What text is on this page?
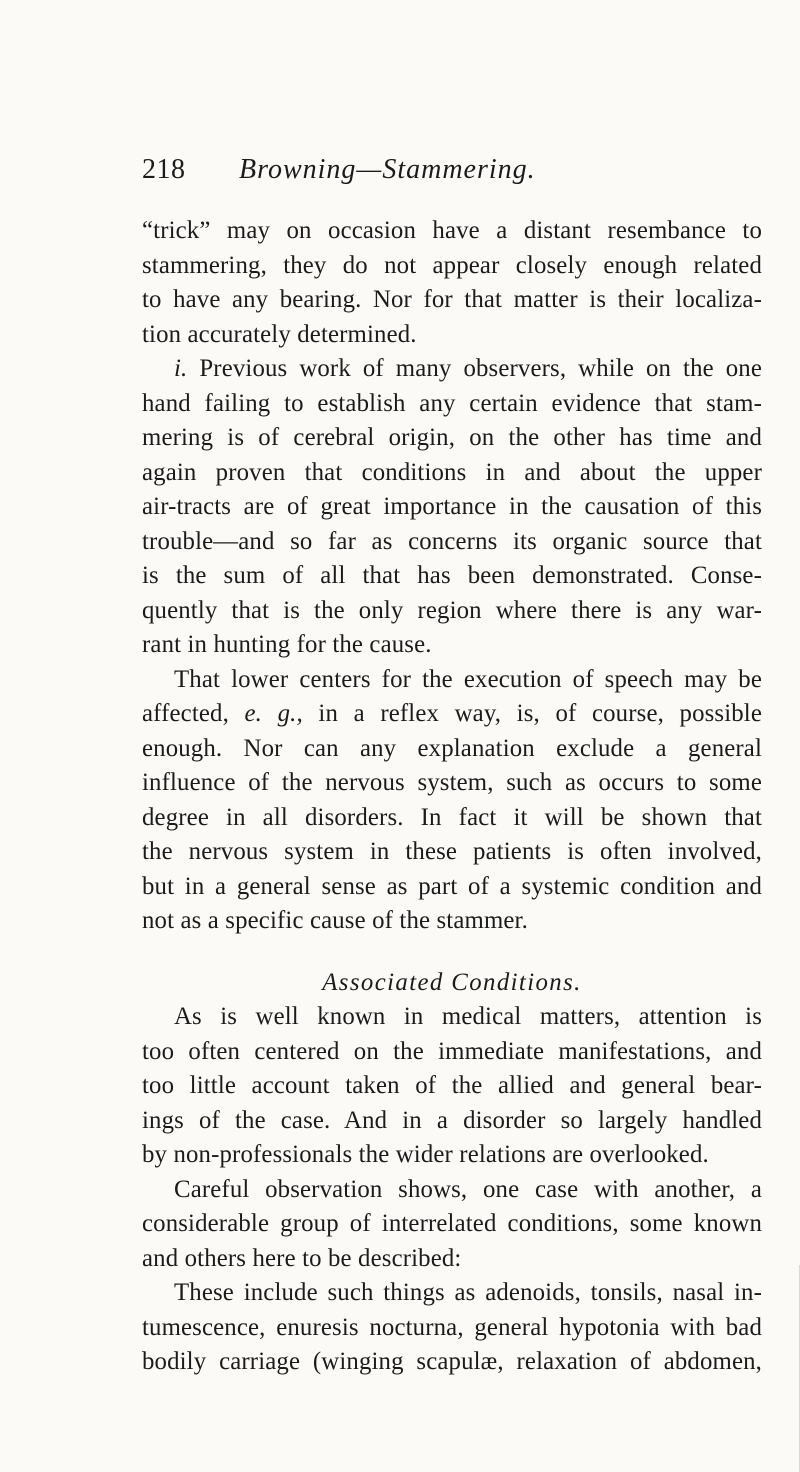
218 Browning—Stammering.
“trick” may on occasion have a distant resembance to
stammering, they do not appear closely enough related
to have any bearing. Nor for that matter is their localiza-
tion accurately determined.
i. Previous work of many observers, while on the one
hand failing to establish any certain evidence that stam-
mering is of cerebral origin, on the other has time and
again proven that conditions in and about the upper
air-tracts are of great importance in the causation of this
trouble—and so far as concerns its organic source that
is the sum of all that has been demonstrated. Conse-
quently that is the only region where there is any war-
rant in hunting for the cause.
That lower centers for the execution of speech may be
affected, e. g., in a reflex way, is, of course, possible
enough. Nor can any explanation exclude a general
influence of the nervous system, such as occurs to some
degree in all disorders. In fact it will be shown that
the nervous system in these patients is often involved,
but in a general sense as part of a systemic condition and
not as a specific cause of the stammer.
Associated Conditions.
As is well known in medical matters, attention is
too often centered on the immediate manifestations, and
too little account taken of the allied and general bear-
ings of the case. And in a disorder so largely handled
by non-professionals the wider relations are overlooked.
Careful observation shows, one case with another, a
considerable group of interrelated conditions, some known
and others here to be described:
These include such things as adenoids, tonsils, nasal in-
tumescence, enuresis nocturna, general hypotonia with bad
bodily carriage (winging scapulæ, relaxation of abdomen,
